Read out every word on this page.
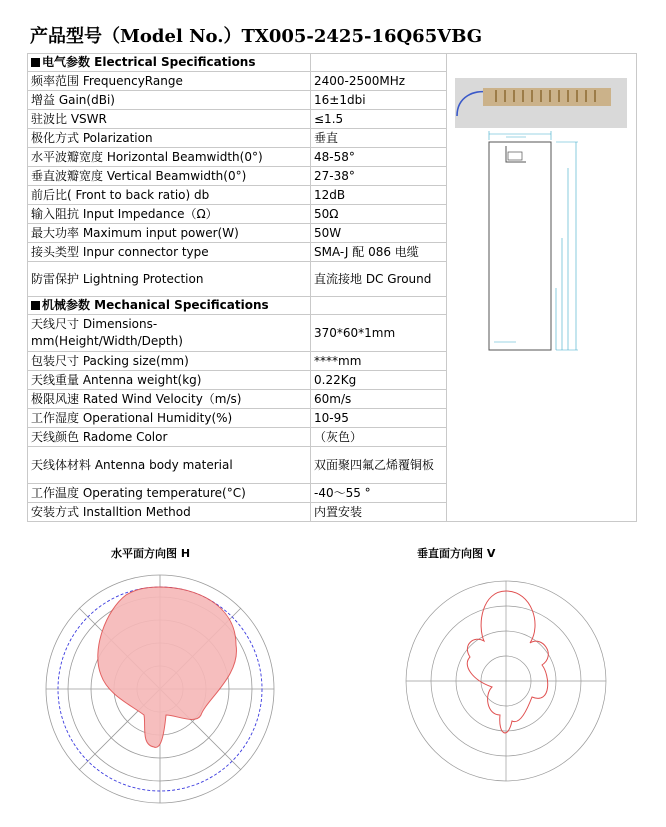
产品型号（Model No.）TX005-2425-16Q65VBG
电气参数 Electrical Specifications		
频率范围 FrequencyRange	2400-2500MHz	
增益 Gain(dBi)	16±1dbi	
驻波比 VSWR	≤1.5	
极化方式 Polarization	垂直	
水平波瓣宽度 Horizontal Beamwidth(0°)	48-58°	
垂直波瓣宽度 Vertical Beamwidth(0°)	27-38°	
前后比( Front to back ratio) db	12dB	
输入阻抗 Input Impedance（Ω）	50Ω	
最大功率 Maximum input power(W)	50W	
接头类型 Inpur connector type	SMA-J 配 086 电缆	
防雷保护 Lightning Protection	直流接地 DC Ground	
机械参数 Mechanical Specifications		
天线尺寸 Dimensions-mm(Height/Width/Depth)	370*60*1mm	
包装尺寸 Packing size(mm)	****mm	
天线重量 Antenna weight(kg)	0.22Kg	
极限风速 Rated Wind Velocity（m/s)	60m/s	
工作湿度 Operational Humidity(%)	10-95	
天线颜色 Radome Color	（灰色）	
天线体材料 Antenna body material	双面聚四氟乙烯覆铜板	
工作温度 Operating temperature(°C)	-40～55 °	
安装方式 Installtion Method	内置安装	
水平面方向图 H	垂直面方向图 V
